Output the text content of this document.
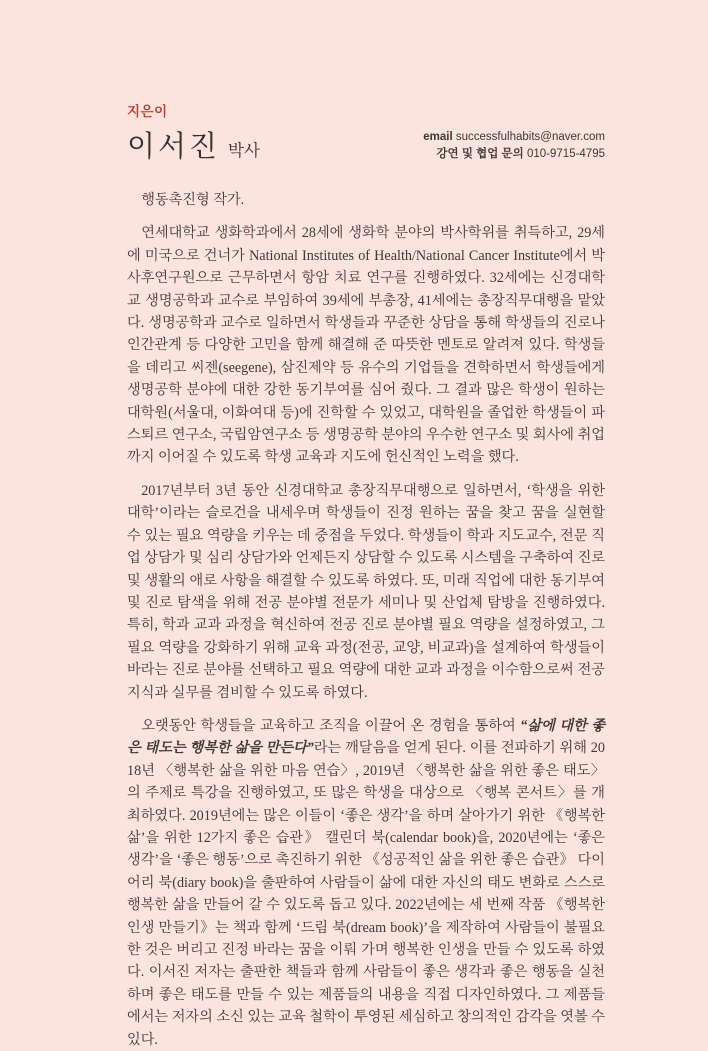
지은이
이서진 박사
email successfulhabits@naver.com
강연 및 협업 문의 010-9715-4795

행동촉진형 작가.

연세대학교 생화학과에서 28세에 생화학 분야의 박사학위를 취득하고, 29세에 미국으로 건너가 National Institutes of Health/National Cancer Institute에서 박사후연구원으로 근무하면서 항암 치료 연구를 진행하였다. 32세에는 신경대학교 생명공학과 교수로 부임하여 39세에 부총장, 41세에는 총장직무대행을 맡았다. 생명공학과 교수로 일하면서 학생들과 꾸준한 상담을 통해 학생들의 진로나 인간관계 등 다양한 고민을 함께 해결해 준 따뜻한 멘토로 알려져 있다. 학생들을 데리고 씨젠(seegene), 삼진제약 등 유수의 기업들을 견학하면서 학생들에게 생명공학 분야에 대한 강한 동기부여를 심어 줬다. 그 결과 많은 학생이 원하는 대학원(서울대, 이화여대 등)에 진학할 수 있었고, 대학원을 졸업한 학생들이 파스퇴르 연구소, 국립암연구소 등 생명공학 분야의 우수한 연구소 및 회사에 취업까지 이어질 수 있도록 학생 교육과 지도에 헌신적인 노력을 했다.

2017년부터 3년 동안 신경대학교 총장직무대행으로 일하면서, ‘학생을 위한 대학’이라는 슬로건을 내세우며 학생들이 진정 원하는 꿈을 찾고 꿈을 실현할 수 있는 필요 역량을 키우는 데 중점을 두었다. 학생들이 학과 지도교수, 전문 직업 상담가 및 심리 상담가와 언제든지 상담할 수 있도록 시스템을 구축하여 진로 및 생활의 애로 사항을 해결할 수 있도록 하였다. 또, 미래 직업에 대한 동기부여 및 진로 탐색을 위해 전공 분야별 전문가 세미나 및 산업체 탐방을 진행하였다. 특히, 학과 교과 과정을 혁신하여 전공 진로 분야별 필요 역량을 설정하였고, 그 필요 역량을 강화하기 위해 교육 과정(전공, 교양, 비교과)을 설계하여 학생들이 바라는 진로 분야를 선택하고 필요 역량에 대한 교과 과정을 이수함으로써 전공 지식과 실무를 겸비할 수 있도록 하였다.

오랫동안 학생들을 교육하고 조직을 이끌어 온 경험을 통하여 “삶에 대한 좋은 태도는 행복한 삶을 만든다”라는 깨달음을 얻게 된다. 이를 전파하기 위해 2018년 〈행복한 삶을 위한 마음 연습〉, 2019년 〈행복한 삶을 위한 좋은 태도〉 의 주제로 특강을 진행하였고, 또 많은 학생을 대상으로 〈행복 콘서트〉를 개최하였다. 2019년에는 많은 이들이 ‘좋은 생각’을 하며 살아가기 위한 《행복한 삶’을 위한 12가지 좋은 습관》 캘린더 북(calendar book)을, 2020년에는 ‘좋은 생각’을 ‘좋은 행동’으로 촉진하기 위한 《성공적인 삶을 위한 좋은 습관》 다이어리 북(diary book)을 출판하여 사람들이 삶에 대한 자신의 태도 변화로 스스로 행복한 삶을 만들어 갈 수 있도록 돕고 있다. 2022년에는 세 번째 작품 《행복한 인생 만들기》는 책과 함께 ‘드림 북(dream book)’을 제작하여 사람들이 불필요한 것은 버리고 진정 바라는 꿈을 이뤄 가며 행복한 인생을 만들 수 있도록 하였다. 이서진 저자는 출판한 책들과 함께 사람들이 좋은 생각과 좋은 행동을 실천하며 좋은 태도를 만들 수 있는 제품들의 내용을 직접 디자인하였다. 그 제품들에서는 저자의 소신 있는 교육 철학이 투영된 세심하고 창의적인 감각을 엿볼 수 있다.
